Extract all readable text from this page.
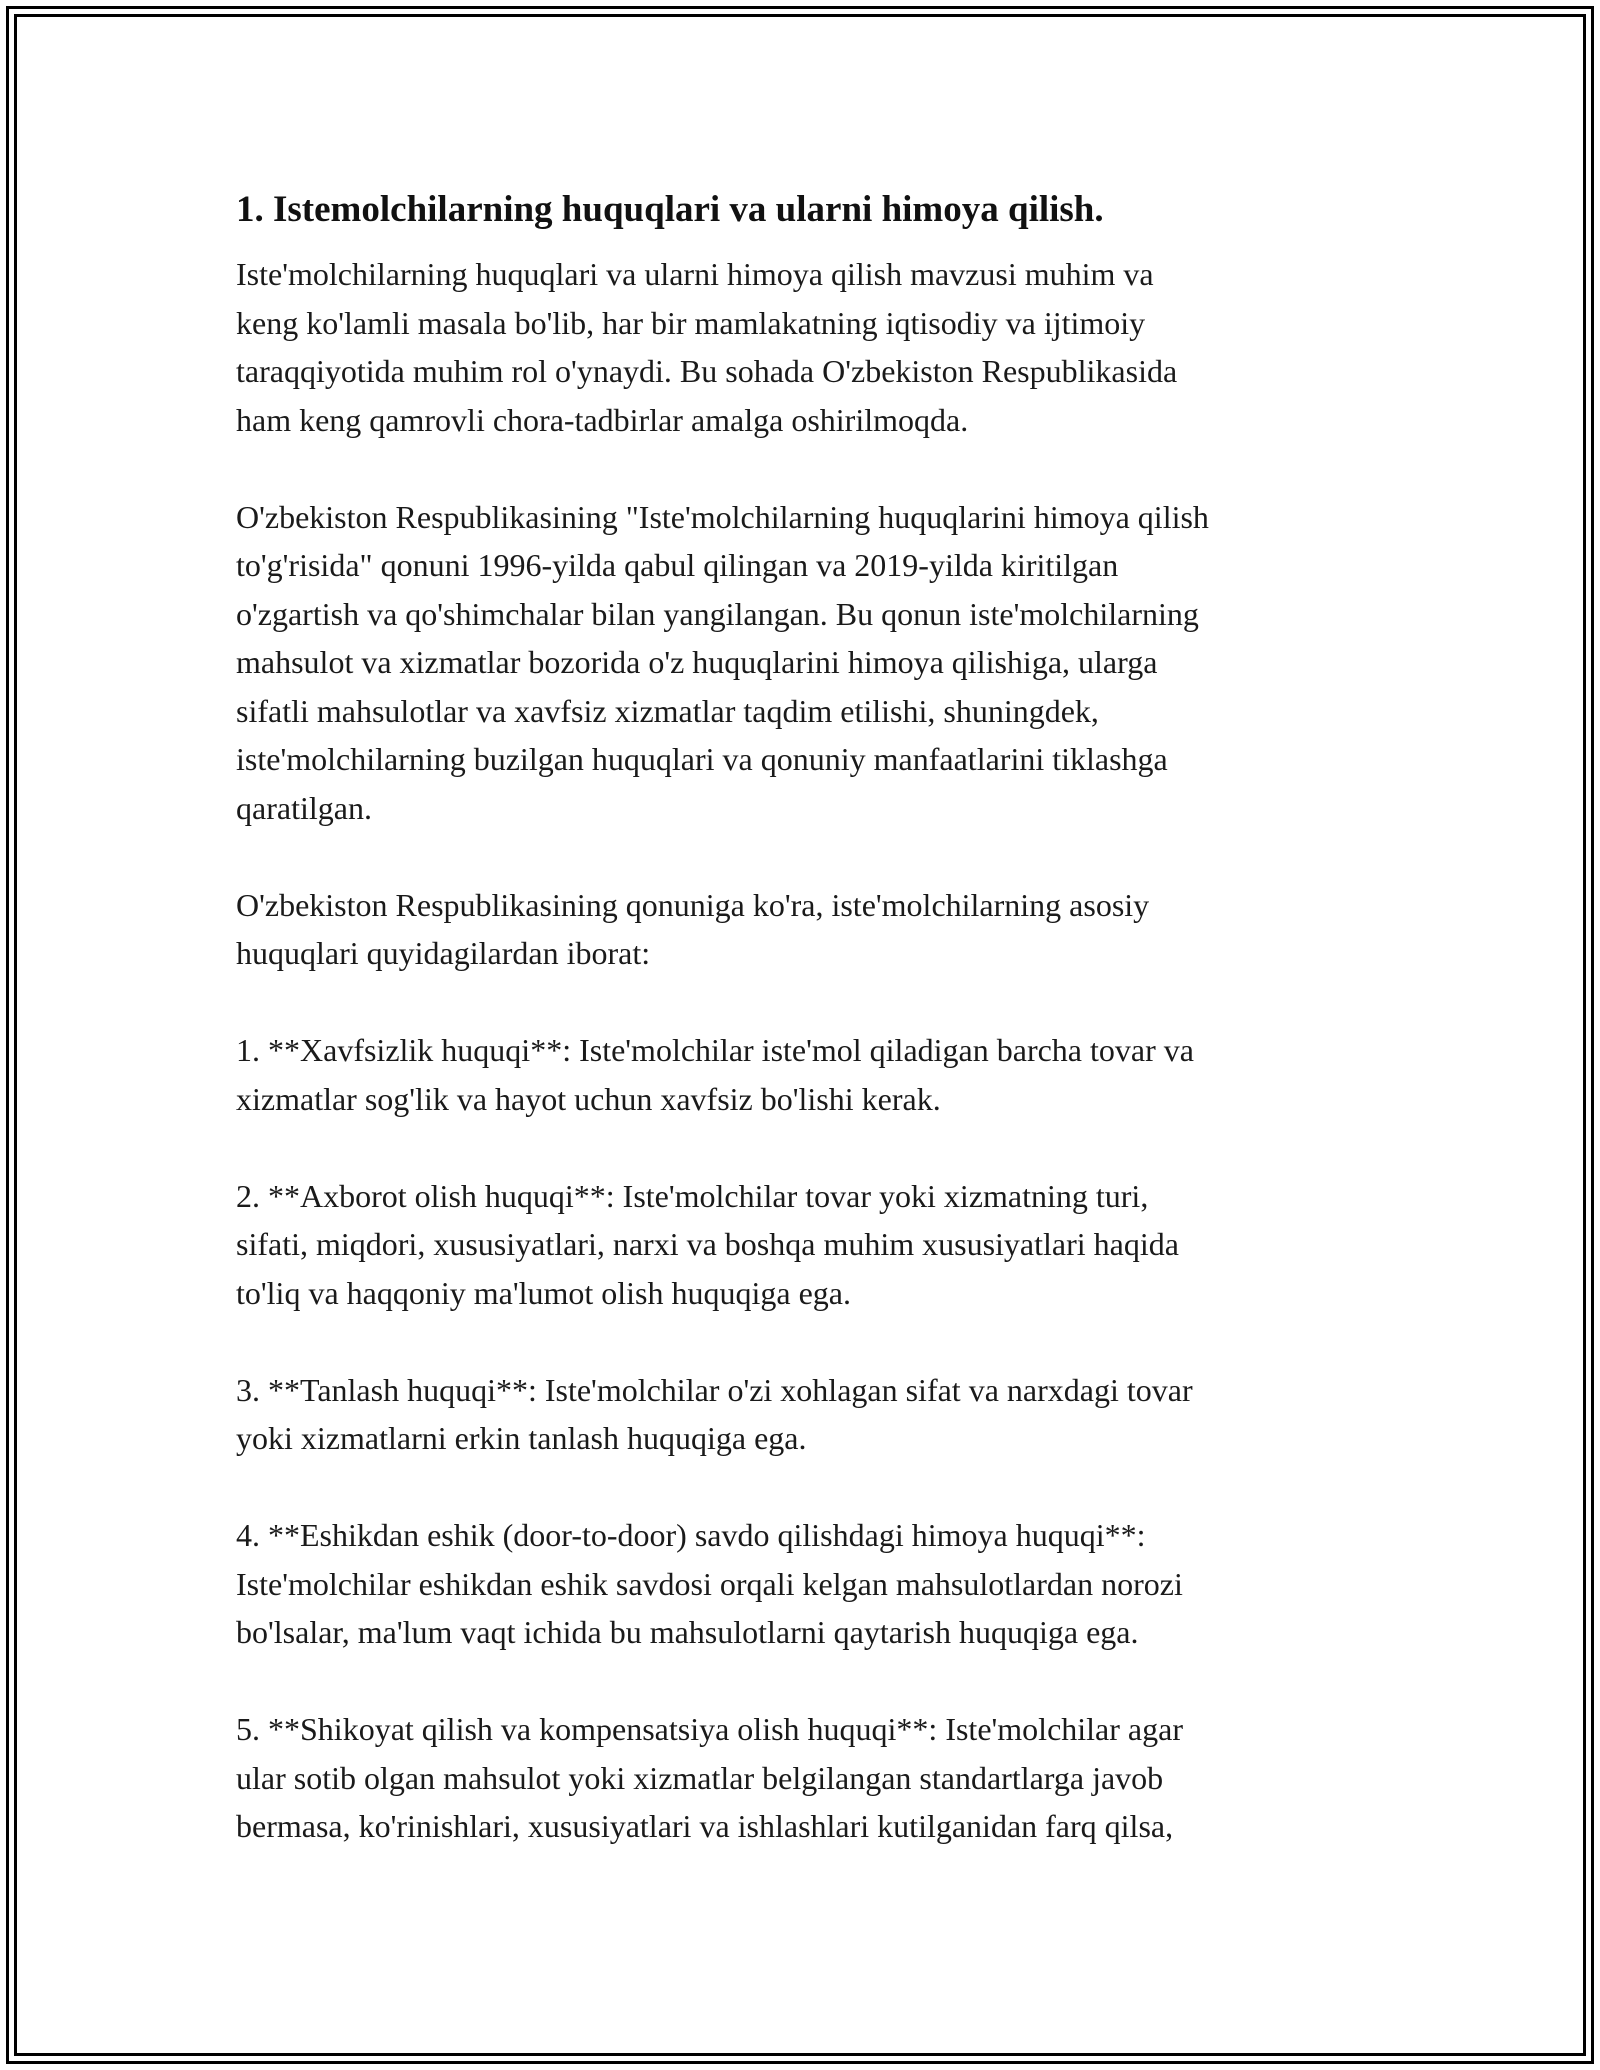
1. Istemolchilarning huquqlari va ularni himoya qilish.

Iste'molchilarning huquqlari va ularni himoya qilish mavzusi muhim va
keng ko'lamli masala bo'lib, har bir mamlakatning iqtisodiy va ijtimoiy
taraqqiyotida muhim rol o'ynaydi. Bu sohada O'zbekiston Respublikasida
ham keng qamrovli chora-tadbirlar amalga oshirilmoqda.

O'zbekiston Respublikasining "Iste'molchilarning huquqlarini himoya qilish
to'g'risida" qonuni 1996-yilda qabul qilingan va 2019-yilda kiritilgan
o'zgartish va qo'shimchalar bilan yangilangan. Bu qonun iste'molchilarning
mahsulot va xizmatlar bozorida o'z huquqlarini himoya qilishiga, ularga
sifatli mahsulotlar va xavfsiz xizmatlar taqdim etilishi, shuningdek,
iste'molchilarning buzilgan huquqlari va qonuniy manfaatlarini tiklashga
qaratilgan.

O'zbekiston Respublikasining qonuniga ko'ra, iste'molchilarning asosiy
huquqlari quyidagilardan iborat:

1. **Xavfsizlik huquqi**: Iste'molchilar iste'mol qiladigan barcha tovar va
xizmatlar sog'lik va hayot uchun xavfsiz bo'lishi kerak.

2. **Axborot olish huquqi**: Iste'molchilar tovar yoki xizmatning turi,
sifati, miqdori, xususiyatlari, narxi va boshqa muhim xususiyatlari haqida
to'liq va haqqoniy ma'lumot olish huquqiga ega.

3. **Tanlash huquqi**: Iste'molchilar o'zi xohlagan sifat va narxdagi tovar
yoki xizmatlarni erkin tanlash huquqiga ega.

4. **Eshikdan eshik (door-to-door) savdo qilishdagi himoya huquqi**:
Iste'molchilar eshikdan eshik savdosi orqali kelgan mahsulotlardan norozi
bo'lsalar, ma'lum vaqt ichida bu mahsulotlarni qaytarish huquqiga ega.

5. **Shikoyat qilish va kompensatsiya olish huquqi**: Iste'molchilar agar
ular sotib olgan mahsulot yoki xizmatlar belgilangan standartlarga javob
bermasa, ko'rinishlari, xususiyatlari va ishlashlari kutilganidan farq qilsa,
